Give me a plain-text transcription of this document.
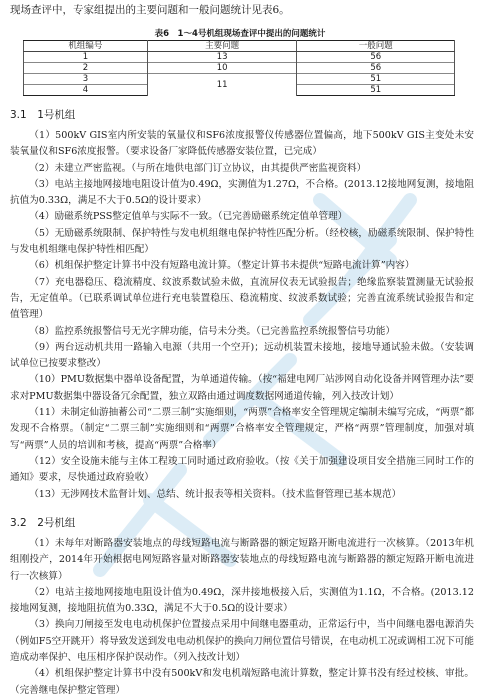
现场查评中，专家组提出的主要问题和一般问题统计见表6。
表6　1～4号机组现场查评中提出的问题统计
机组编号	主要问题	一般问题
1	13	56
2	10	56
3	11	51
4		51
3.1　1号机组

（1）500kV GIS室内所安装的氧量仪和SF6浓度报警仪传感器位置偏高，地下500kV GIS主变处未安装氧量仪和SF6浓度报警。（要求设备厂家降低传感器安装位置，已完成）

（2）未建立严密监视。（与所在地供电部门订立协议，由其提供严密监视资料）

（3）电站主接地网接地电阻设计值为0.49Ω，实测值为1.27Ω，不合格。(2013.12接地网复测，接地阻抗值为0.33Ω，满足不大于0.5Ω的设计要求）

（4）励磁系统PSS整定值单与实际不一致。（已完善励磁系统定值单管理）

（5）无励磁系统限制、保护特性与发电机组继电保护特性匹配分析。（经校核，励磁系统限制、保护特性与发电机组继电保护特性相匹配）

（6）机组保护整定计算书中没有短路电流计算。（整定计算书未提供“短路电流计算”内容）

（7）充电器稳压、稳流精度、纹波系数试验未做，直流屏仪表无试验报告；绝缘监察装置测量无试验报告，无定值单。（已联系调试单位进行充电装置稳压、稳流精度、纹波系数试验；完善直流系统试验报告和定值管理）

（8）监控系统报警信号无光字牌功能，信号未分类。（已完善监控系统报警信号功能）

（9）两台远动机共用一路输入电源（共用一个空开)；远动机装置未接地，接地导通试验未做。（安装调试单位已按要求整改）

（10）PMU数据集中器单设备配置，为单通道传输。（按“福建电网厂站涉网自动化设备并网管理办法”要求对PMU数据集中器设备冗余配置，独立双路由通过调度数据网通道传输，列入技改计划）

（11）未制定仙游抽蓄公司“二票三制”实施细则，“两票”合格率安全管理规定编制未编写完成，“两票”都发现不合格票。（制定“二票三制”实施细则和“两票”合格率安全管理规定，严格“两票”管理制度，加强对填写“两票”人员的培训和考核，提高“两票”合格率）

（12）安全设施未能与主体工程竣工同时通过政府验收。（按《关于加强建设项目安全措施三同时工作的通知》要求，尽快通过政府验收）

（13）无涉网技术监督计划、总结、统计报表等相关资料。（技术监督管理已基本规范）

3.2　2号机组

（1）未每年对断路器安装地点的母线短路电流与断路器的额定短路开断电流进行一次核算。（2013年机组刚投产，2014年开始根据电网短路容量对断路器安装地点的母线短路电流与断路器的额定短路开断电流进行一次核算）

（2）电站主接地网接地电阻设计值为0.49Ω，深井接地极接入后，实测值为1.1Ω，不合格。(2013.12接地网复测，接地阻抗值为0.33Ω，满足不大于0.5Ω的设计要求）

（3）换向刀闸接至发电电动机保护位置接点采用中间继电器重动，正常运行中，当中间继电器电源消失（例如F5空开跳开）将导致发送到发电电动机保护的换向刀闸位置信号错误，在电动机工况或调相工况下可能造成动率保护、电压相序保护误动作。（列入技改计划）

（4）机组保护整定计算书中没有500kV和发电机端短路电流计算数，整定计算书没有经过校核、审批。（完善继电保护整定管理）
